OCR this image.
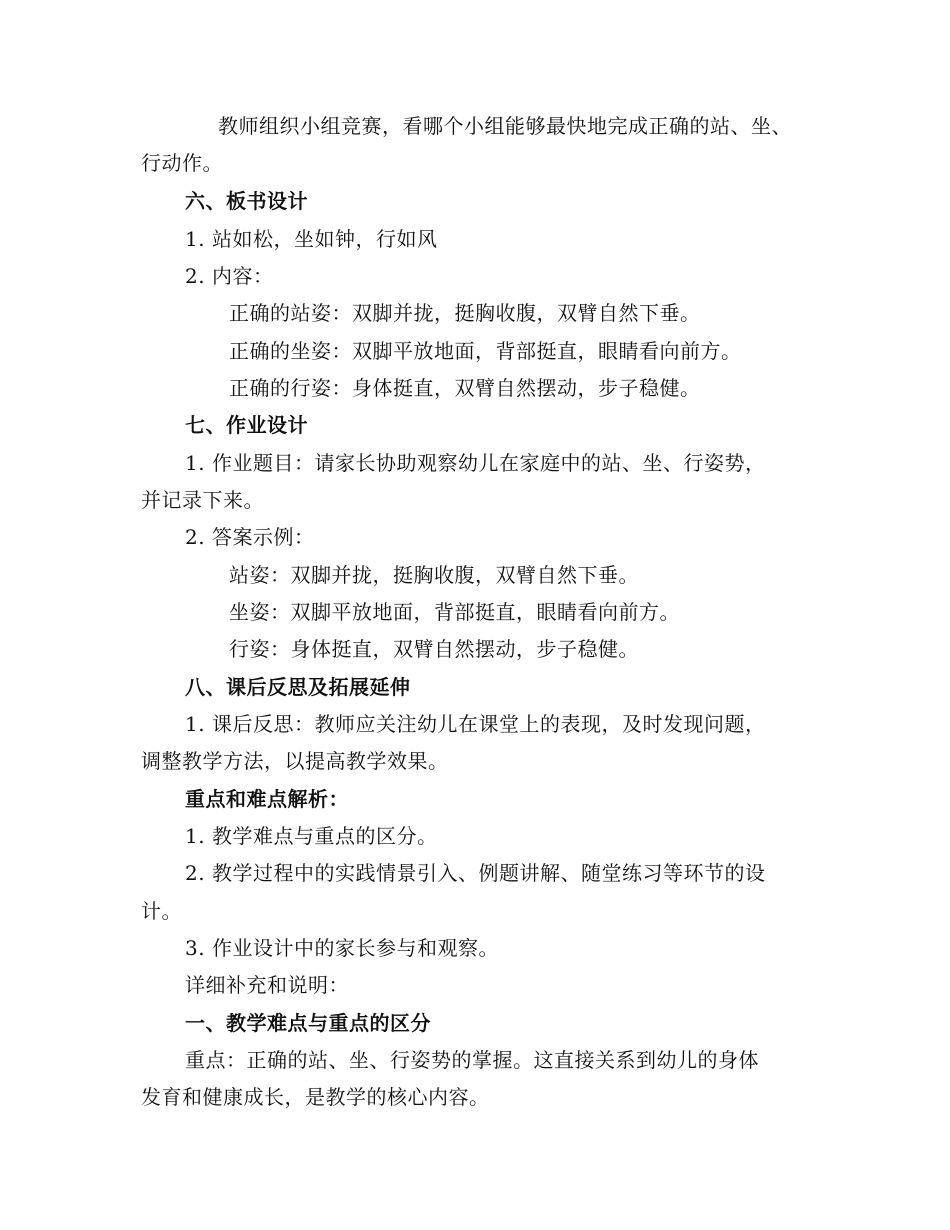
教师组织小组竞赛，看哪个小组能够最快地完成正确的站、坐、
行动作。
六、板书设计
1. 站如松，坐如钟，行如风
2. 内容：
正确的站姿：双脚并拢，挺胸收腹，双臂自然下垂。
正确的坐姿：双脚平放地面，背部挺直，眼睛看向前方。
正确的行姿：身体挺直，双臂自然摆动，步子稳健。
七、作业设计
1. 作业题目：请家长协助观察幼儿在家庭中的站、坐、行姿势，
并记录下来。
2. 答案示例：
站姿：双脚并拢，挺胸收腹，双臂自然下垂。
坐姿：双脚平放地面，背部挺直，眼睛看向前方。
行姿：身体挺直，双臂自然摆动，步子稳健。
八、课后反思及拓展延伸
1. 课后反思：教师应关注幼儿在课堂上的表现，及时发现问题，
调整教学方法，以提高教学效果。
重点和难点解析：
1. 教学难点与重点的区分。
2. 教学过程中的实践情景引入、例题讲解、随堂练习等环节的设
计。
3. 作业设计中的家长参与和观察。
详细补充和说明：
一、教学难点与重点的区分
重点：正确的站、坐、行姿势的掌握。这直接关系到幼儿的身体
发育和健康成长，是教学的核心内容。
